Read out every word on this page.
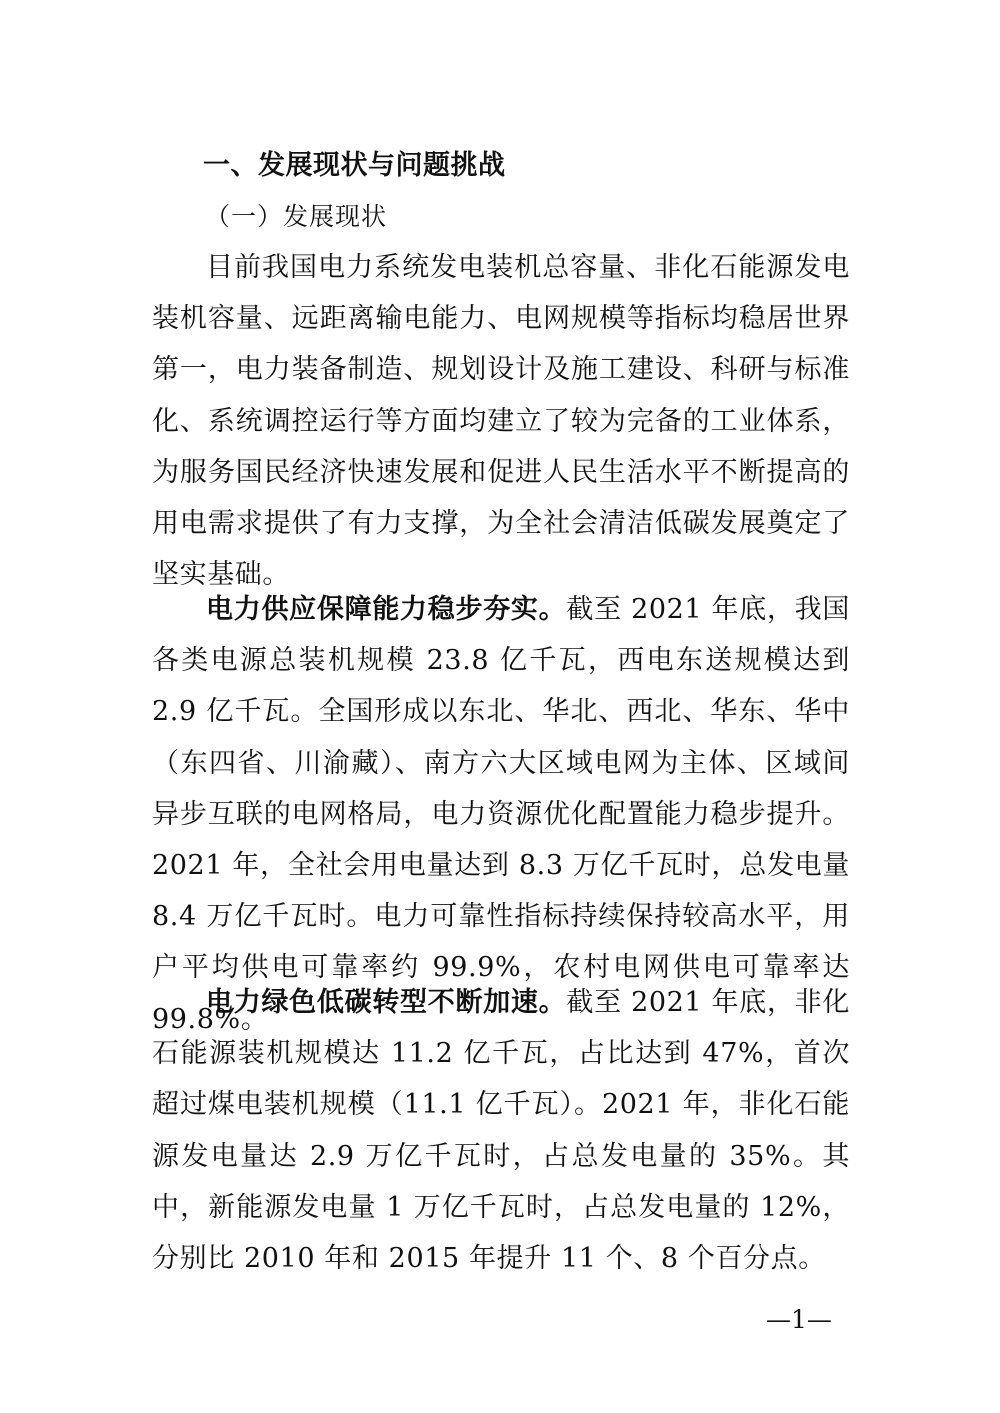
一、发展现状与问题挑战
（一）发展现状

目前我国电力系统发电装机总容量、非化石能源发电装机容量、远距离输电能力、电网规模等指标均稳居世界第一，电力装备制造、规划设计及施工建设、科研与标准化、系统调控运行等方面均建立了较为完备的工业体系，为服务国民经济快速发展和促进人民生活水平不断提高的用电需求提供了有力支撑，为全社会清洁低碳发展奠定了坚实基础。

电力供应保障能力稳步夯实。截至 2021 年底，我国各类电源总装机规模 23.8 亿千瓦，西电东送规模达到 2.9 亿千瓦。全国形成以东北、华北、西北、华东、华中（东四省、川渝藏）、南方六大区域电网为主体、区域间异步互联的电网格局，电力资源优化配置能力稳步提升。2021 年，全社会用电量达到 8.3 万亿千瓦时，总发电量 8.4 万亿千瓦时。电力可靠性指标持续保持较高水平，用户平均供电可靠率约 99.9%，农村电网供电可靠率达 99.8%。

电力绿色低碳转型不断加速。截至 2021 年底，非化石能源装机规模达 11.2 亿千瓦，占比达到 47%，首次超过煤电装机规模（11.1 亿千瓦）。2021 年，非化石能源发电量达 2.9 万亿千瓦时，占总发电量的 35%。其中，新能源发电量 1 万亿千瓦时，占总发电量的 12%，分别比 2010 年和 2015 年提升 11 个、8 个百分点。

—1—
